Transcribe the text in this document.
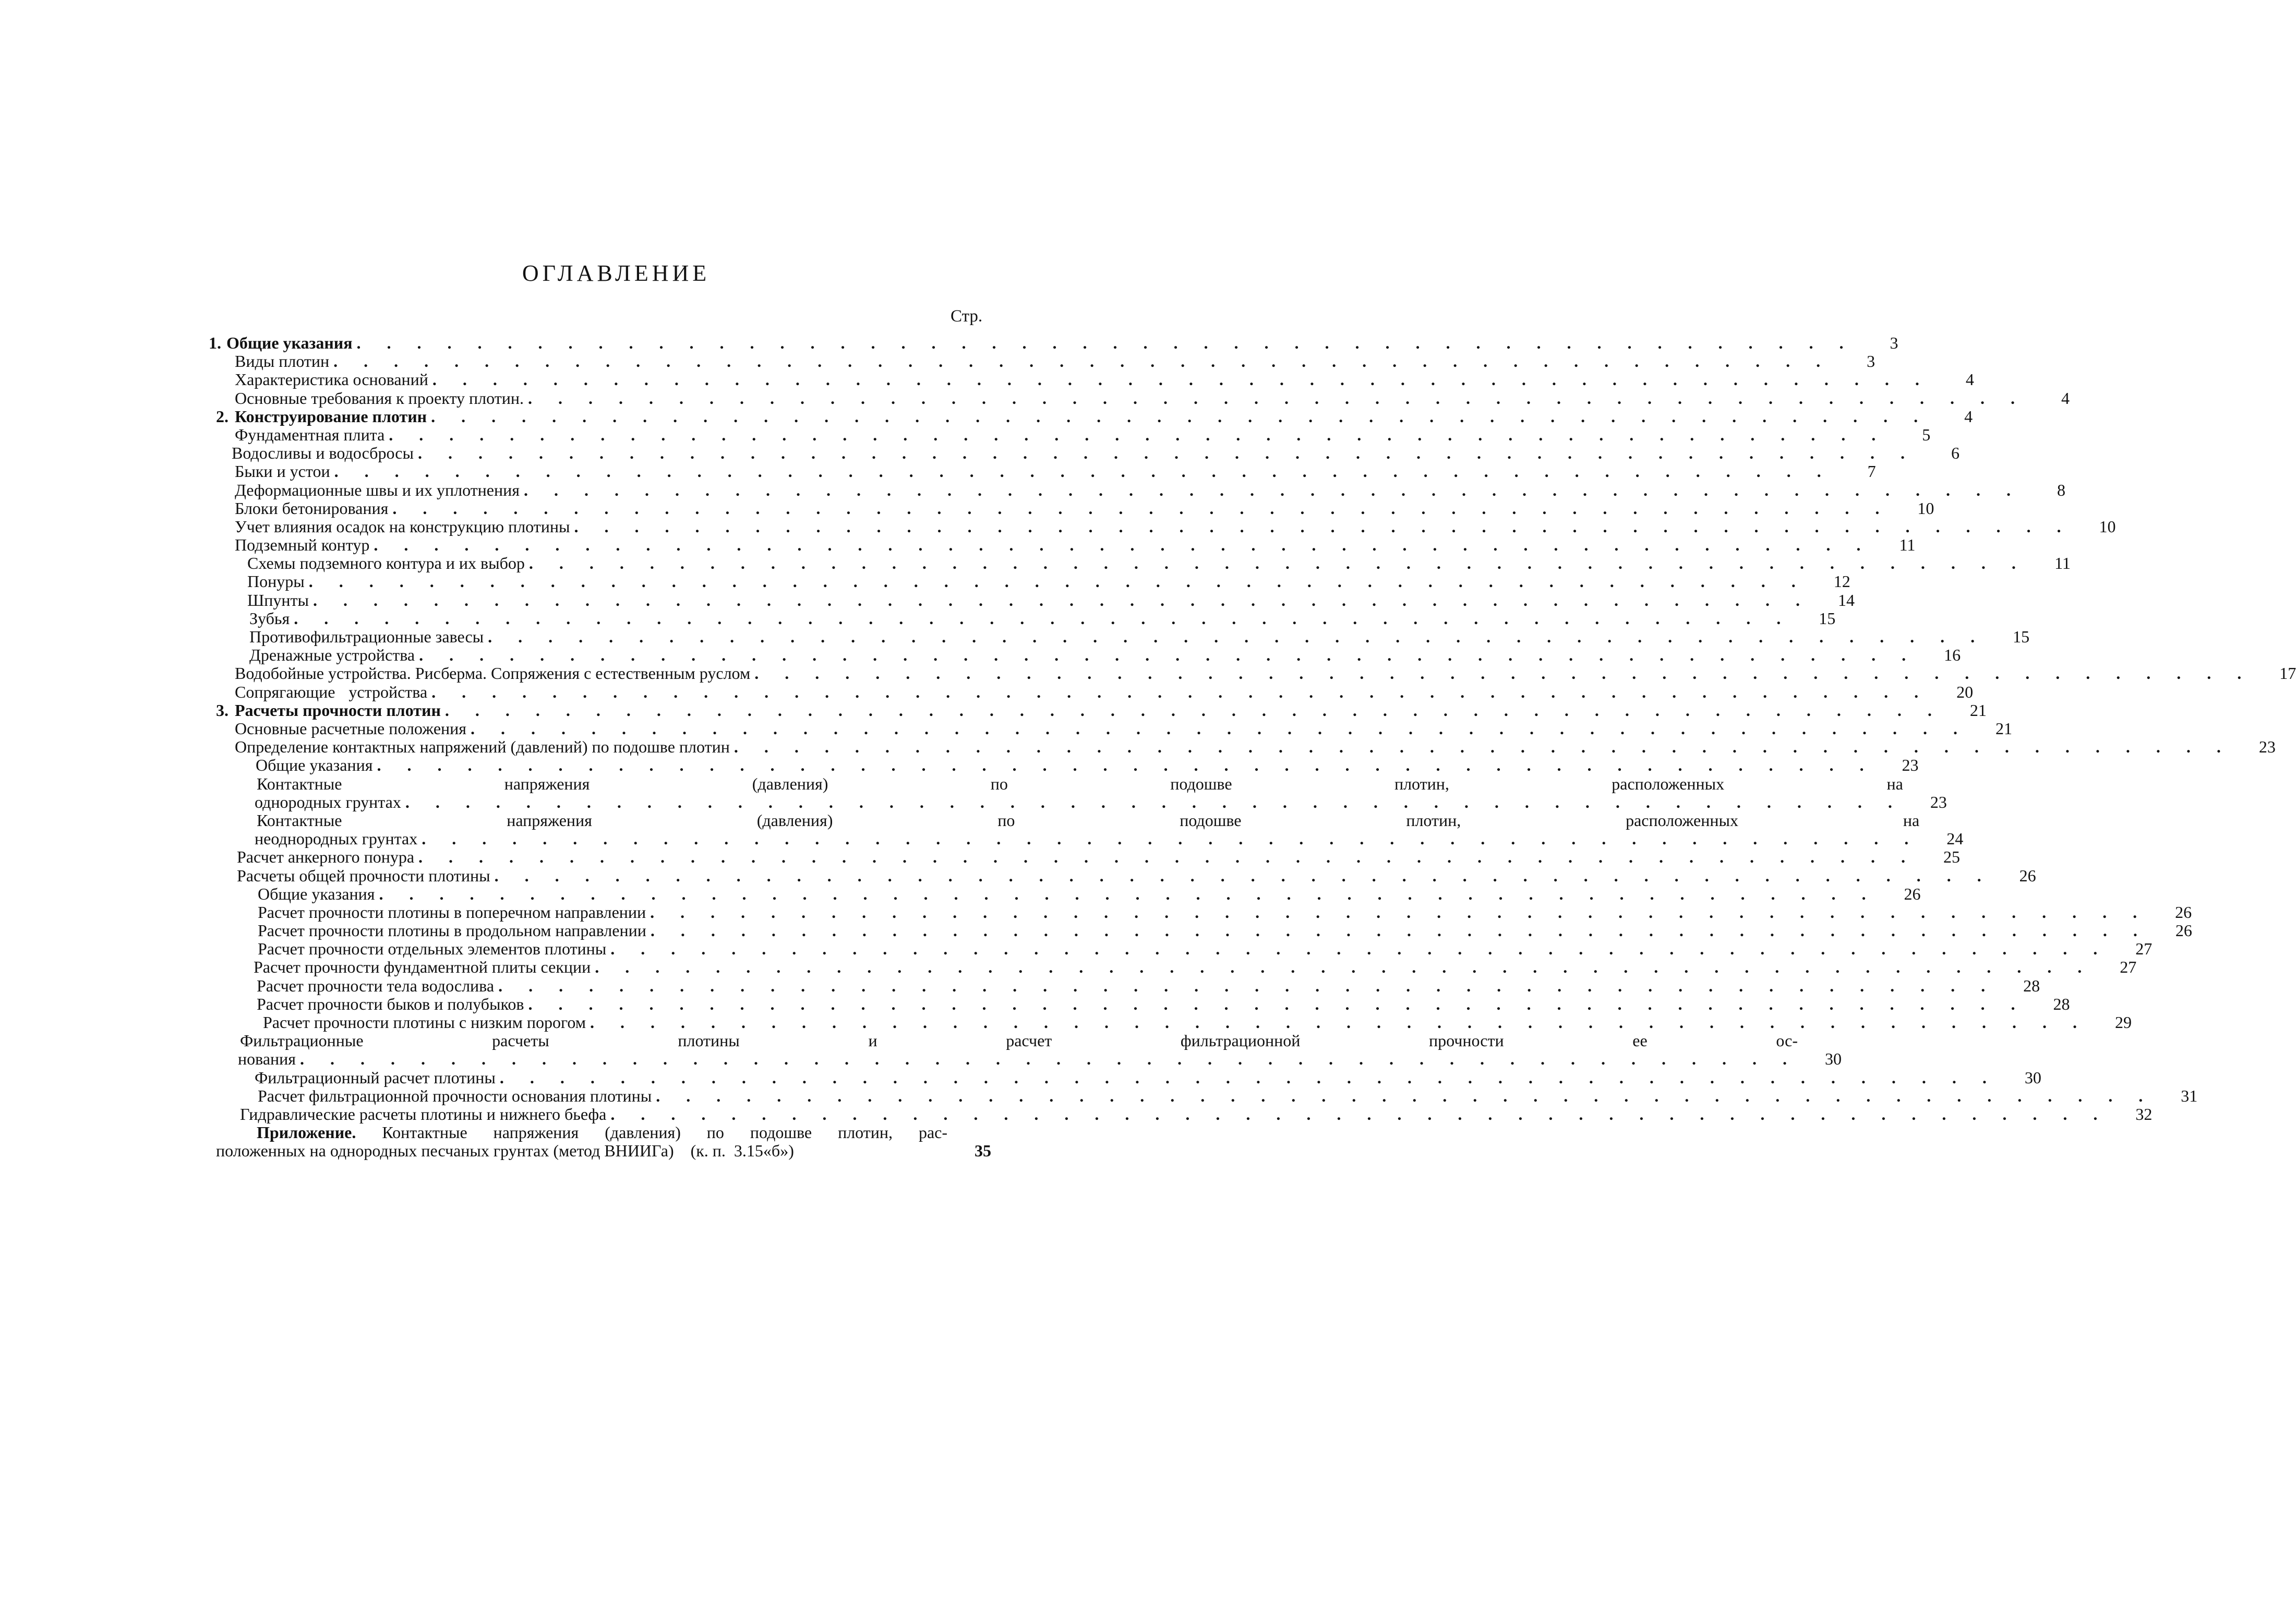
ОГЛАВЛЕНИЕ
Стр.
1. Общие указания . . . . . . . . . . . . . . . . . . . . . . . . . . . . . . . . . . . . . . . . . . . . . . . . . .	3
Виды плотин . . . . . . . . . . . . . . . . . . . . . . . . . . . . . . . . . . . . . . . . . . . . . . . . . .	3
Характеристика оснований . . . . . . . . . . . . . . . . . . . . . . . . . . . . . . . . . . . . . . . . . . . . . . . . . .	4
Основные требования к проекту плотин. . . . . . . . . . . . . . . . . . . . . . . . . . . . . . . . . . . . . . . . . . . . . . . . . . .	4
2. Конструирование плотин . . . . . . . . . . . . . . . . . . . . . . . . . . . . . . . . . . . . . . . . . . . . . . . . . .	4
Фундаментная плита . . . . . . . . . . . . . . . . . . . . . . . . . . . . . . . . . . . . . . . . . . . . . . . . . .	5
Водосливы и водосбросы . . . . . . . . . . . . . . . . . . . . . . . . . . . . . . . . . . . . . . . . . . . . . . . . . .	6
Быки и устои . . . . . . . . . . . . . . . . . . . . . . . . . . . . . . . . . . . . . . . . . . . . . . . . . .	7
Деформационные швы и их уплотнения . . . . . . . . . . . . . . . . . . . . . . . . . . . . . . . . . . . . . . . . . . . . . . . . . .	8
Блоки бетонирования . . . . . . . . . . . . . . . . . . . . . . . . . . . . . . . . . . . . . . . . . . . . . . . . . .	10
Учет влияния осадок на конструкцию плотины . . . . . . . . . . . . . . . . . . . . . . . . . . . . . . . . . . . . . . . . . . . . . . . . . .	10
Подземный контур . . . . . . . . . . . . . . . . . . . . . . . . . . . . . . . . . . . . . . . . . . . . . . . . . .	11
Схемы подземного контура и их выбор . . . . . . . . . . . . . . . . . . . . . . . . . . . . . . . . . . . . . . . . . . . . . . . . . .	11
Понуры . . . . . . . . . . . . . . . . . . . . . . . . . . . . . . . . . . . . . . . . . . . . . . . . . .	12
Шпунты . . . . . . . . . . . . . . . . . . . . . . . . . . . . . . . . . . . . . . . . . . . . . . . . . .	14
Зубья . . . . . . . . . . . . . . . . . . . . . . . . . . . . . . . . . . . . . . . . . . . . . . . . . .	15
Противофильтрационные завесы . . . . . . . . . . . . . . . . . . . . . . . . . . . . . . . . . . . . . . . . . . . . . . . . . .	15
Дренажные устройства . . . . . . . . . . . . . . . . . . . . . . . . . . . . . . . . . . . . . . . . . . . . . . . . . .	16
Водобойные устройства. Рисберма. Сопряжения с естественным руслом . . . . . . . . . . . . . . . . . . . . . . . . . . . . . . . . . . . . . . . . . . . . . . . . . .	17
Сопрягающие устройства . . . . . . . . . . . . . . . . . . . . . . . . . . . . . . . . . . . . . . . . . . . . . . . . . .	20
3. Расчеты прочности плотин . . . . . . . . . . . . . . . . . . . . . . . . . . . . . . . . . . . . . . . . . . . . . . . . . .	21
Основные расчетные положения . . . . . . . . . . . . . . . . . . . . . . . . . . . . . . . . . . . . . . . . . . . . . . . . . .	21
Определение контактных напряжений (давлений) по подошве плотин . . . . . . . . . . . . . . . . . . . . . . . . . . . . . . . . . . . . . . . . . . . . . . . . . .	23
Общие указания . . . . . . . . . . . . . . . . . . . . . . . . . . . . . . . . . . . . . . . . . . . . . . . . . .	23
Контактные напряжения (давления) по подошве плотин, расположенных на
однородных грунтах . . . . . . . . . . . . . . . . . . . . . . . . . . . . . . . . . . . . . . . . . . . . . . . . . .	23
Контактные напряжения (давления) по подошве плотин, расположенных на
неоднородных грунтах . . . . . . . . . . . . . . . . . . . . . . . . . . . . . . . . . . . . . . . . . . . . . . . . . .	24
Расчет анкерного понура . . . . . . . . . . . . . . . . . . . . . . . . . . . . . . . . . . . . . . . . . . . . . . . . . .	25
Расчеты общей прочности плотины . . . . . . . . . . . . . . . . . . . . . . . . . . . . . . . . . . . . . . . . . . . . . . . . . .	26
Общие указания . . . . . . . . . . . . . . . . . . . . . . . . . . . . . . . . . . . . . . . . . . . . . . . . . .	26
Расчет прочности плотины в поперечном направлении . . . . . . . . . . . . . . . . . . . . . . . . . . . . . . . . . . . . . . . . . . . . . . . . . .	26
Расчет прочности плотины в продольном направлении . . . . . . . . . . . . . . . . . . . . . . . . . . . . . . . . . . . . . . . . . . . . . . . . . .	26
Расчет прочности отдельных элементов плотины . . . . . . . . . . . . . . . . . . . . . . . . . . . . . . . . . . . . . . . . . . . . . . . . . .	27
Расчет прочности фундаментной плиты секции . . . . . . . . . . . . . . . . . . . . . . . . . . . . . . . . . . . . . . . . . . . . . . . . . .	27
Расчет прочности тела водослива . . . . . . . . . . . . . . . . . . . . . . . . . . . . . . . . . . . . . . . . . . . . . . . . . .	28
Расчет прочности быков и полубыков . . . . . . . . . . . . . . . . . . . . . . . . . . . . . . . . . . . . . . . . . . . . . . . . . .	28
Расчет прочности плотины с низким порогом . . . . . . . . . . . . . . . . . . . . . . . . . . . . . . . . . . . . . . . . . . . . . . . . . .	29
Фильтрационные расчеты плотины и расчет фильтрационной прочности ее ос-
нования . . . . . . . . . . . . . . . . . . . . . . . . . . . . . . . . . . . . . . . . . . . . . . . . . .	30
Фильтрационный расчет плотины . . . . . . . . . . . . . . . . . . . . . . . . . . . . . . . . . . . . . . . . . . . . . . . . . .	30
Расчет фильтрационной прочности основания плотины . . . . . . . . . . . . . . . . . . . . . . . . . . . . . . . . . . . . . . . . . . . . . . . . . .	31
Гидравлические расчеты плотины и нижнего бьефа . . . . . . . . . . . . . . . . . . . . . . . . . . . . . . . . . . . . . . . . . . . . . . . . . .	32
Приложение. Контактные напряжения (давления) по подошве плотин, рас-
положенных на однородных песчаных грунтах (метод ВНИИГа)    (к. п.  3.15«б»)	35
